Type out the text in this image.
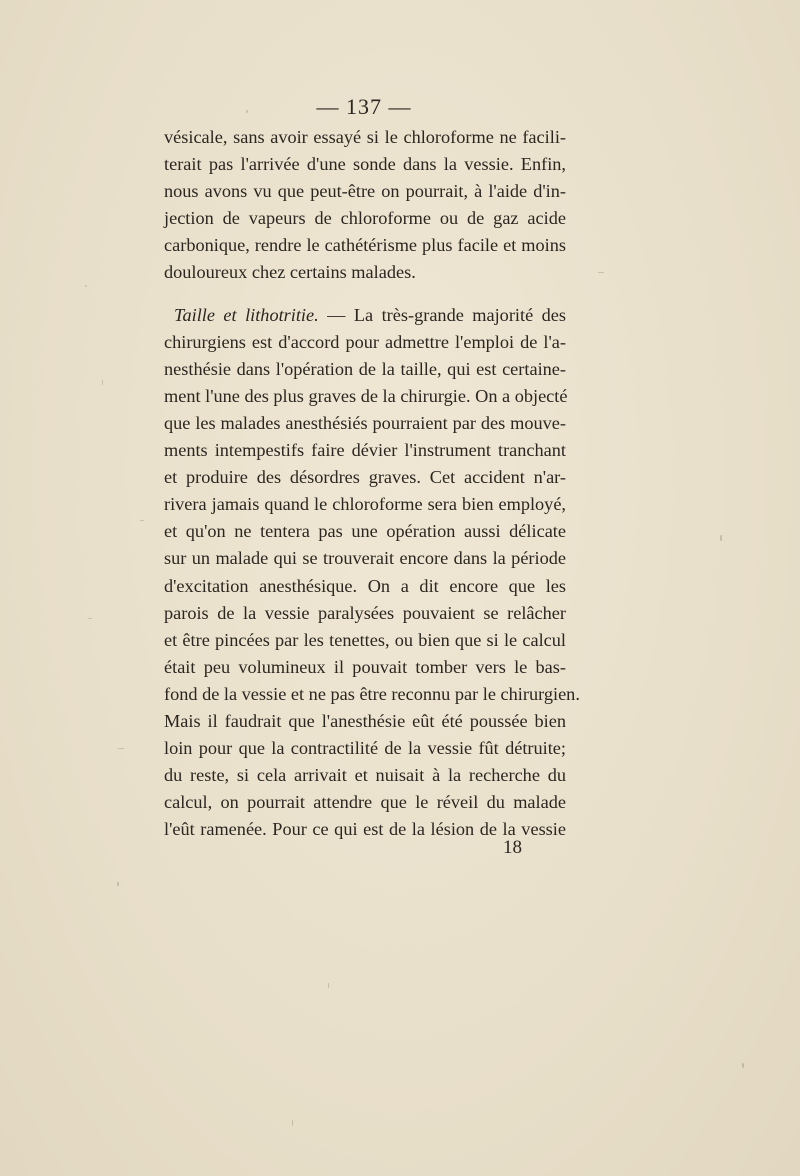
— 137 —
vésicale, sans avoir essayé si le chloroforme ne facili-
terait pas l'arrivée d'une sonde dans la vessie. Enfin,
nous avons vu que peut-être on pourrait, à l'aide d'in-
jection de vapeurs de chloroforme ou de gaz acide
carbonique, rendre le cathétérisme plus facile et moins
douloureux chez certains malades.
Taille et lithotritie. — La très-grande majorité des
chirurgiens est d'accord pour admettre l'emploi de l'a-
nesthésie dans l'opération de la taille, qui est certaine-
ment l'une des plus graves de la chirurgie. On a objecté
que les malades anesthésiés pourraient par des mouve-
ments intempestifs faire dévier l'instrument tranchant
et produire des désordres graves. Cet accident n'ar-
rivera jamais quand le chloroforme sera bien employé,
et qu'on ne tentera pas une opération aussi délicate
sur un malade qui se trouverait encore dans la période
d'excitation anesthésique. On a dit encore que les
parois de la vessie paralysées pouvaient se relâcher
et être pincées par les tenettes, ou bien que si le calcul
était peu volumineux il pouvait tomber vers le bas-
fond de la vessie et ne pas être reconnu par le chirurgien.
Mais il faudrait que l'anesthésie eût été poussée bien
loin pour que la contractilité de la vessie fût détruite;
du reste, si cela arrivait et nuisait à la recherche du
calcul, on pourrait attendre que le réveil du malade
l'eût ramenée. Pour ce qui est de la lésion de la vessie
18
